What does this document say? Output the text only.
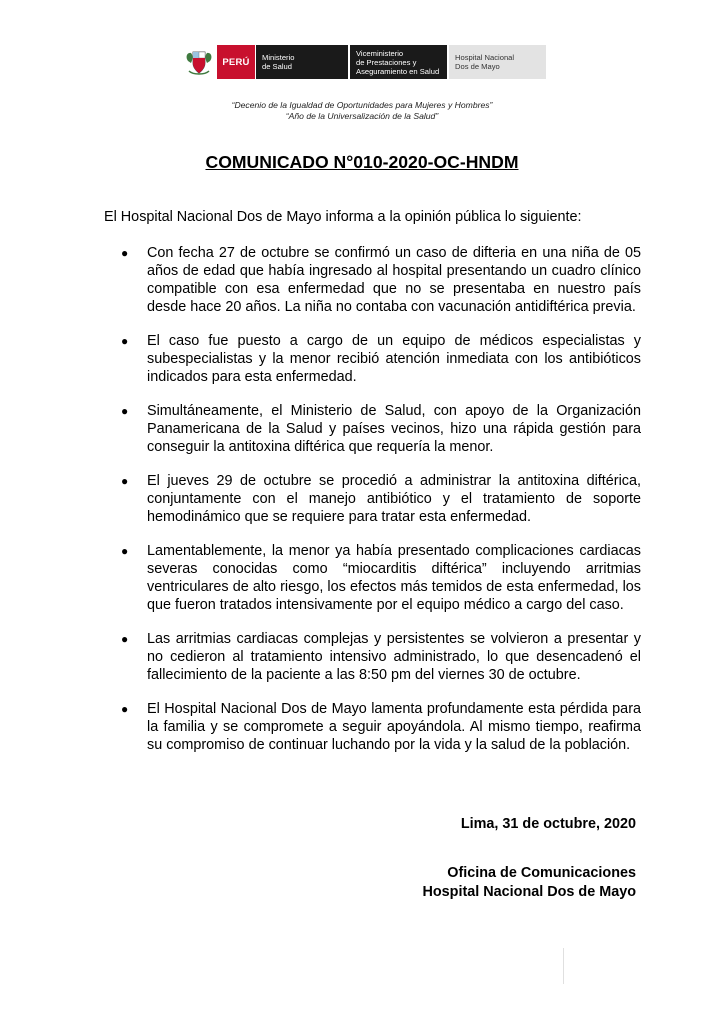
PERÚ	Ministerio
de Salud
Viceministerio
de Prestaciones y
Aseguramiento en Salud
Hospital Nacional
Dos de Mayo
“Decenio de la Igualdad de Oportunidades para Mujeres y Hombres”
“Año de la Universalización de la Salud”
COMUNICADO N°010-2020-OC-HNDM
El Hospital Nacional Dos de Mayo informa a la opinión pública lo siguiente:
● Con fecha 27 de octubre se confirmó un caso de difteria en una niña de 05 años de edad que había ingresado al hospital presentando un cuadro clínico compatible con esa enfermedad que no se presentaba en nuestro país desde hace 20 años. La niña no contaba con vacunación antidiftérica previa.
● El caso fue puesto a cargo de un equipo de médicos especialistas y subespecialistas y la menor recibió atención inmediata con los antibióticos indicados para esta enfermedad.
● Simultáneamente, el Ministerio de Salud, con apoyo de la Organización Panamericana de la Salud y países vecinos, hizo una rápida gestión para conseguir la antitoxina diftérica que requería la menor.
● El jueves 29 de octubre se procedió a administrar la antitoxina diftérica, conjuntamente con el manejo antibiótico y el tratamiento de soporte hemodinámico que se requiere para tratar esta enfermedad.
● Lamentablemente, la menor ya había presentado complicaciones cardiacas severas conocidas como “miocarditis diftérica” incluyendo arritmias ventriculares de alto riesgo, los efectos más temidos de esta enfermedad, los que fueron tratados intensivamente por el equipo médico a cargo del caso.
● Las arritmias cardiacas complejas y persistentes se volvieron a presentar y no cedieron al tratamiento intensivo administrado, lo que desencadenó el fallecimiento de la paciente a las 8:50 pm del viernes 30 de octubre.
● El Hospital Nacional Dos de Mayo lamenta profundamente esta pérdida para la familia y se compromete a seguir apoyándola. Al mismo tiempo, reafirma su compromiso de continuar luchando por la vida y la salud de la población.
Lima, 31 de octubre, 2020
Oficina de Comunicaciones
Hospital Nacional Dos de Mayo
